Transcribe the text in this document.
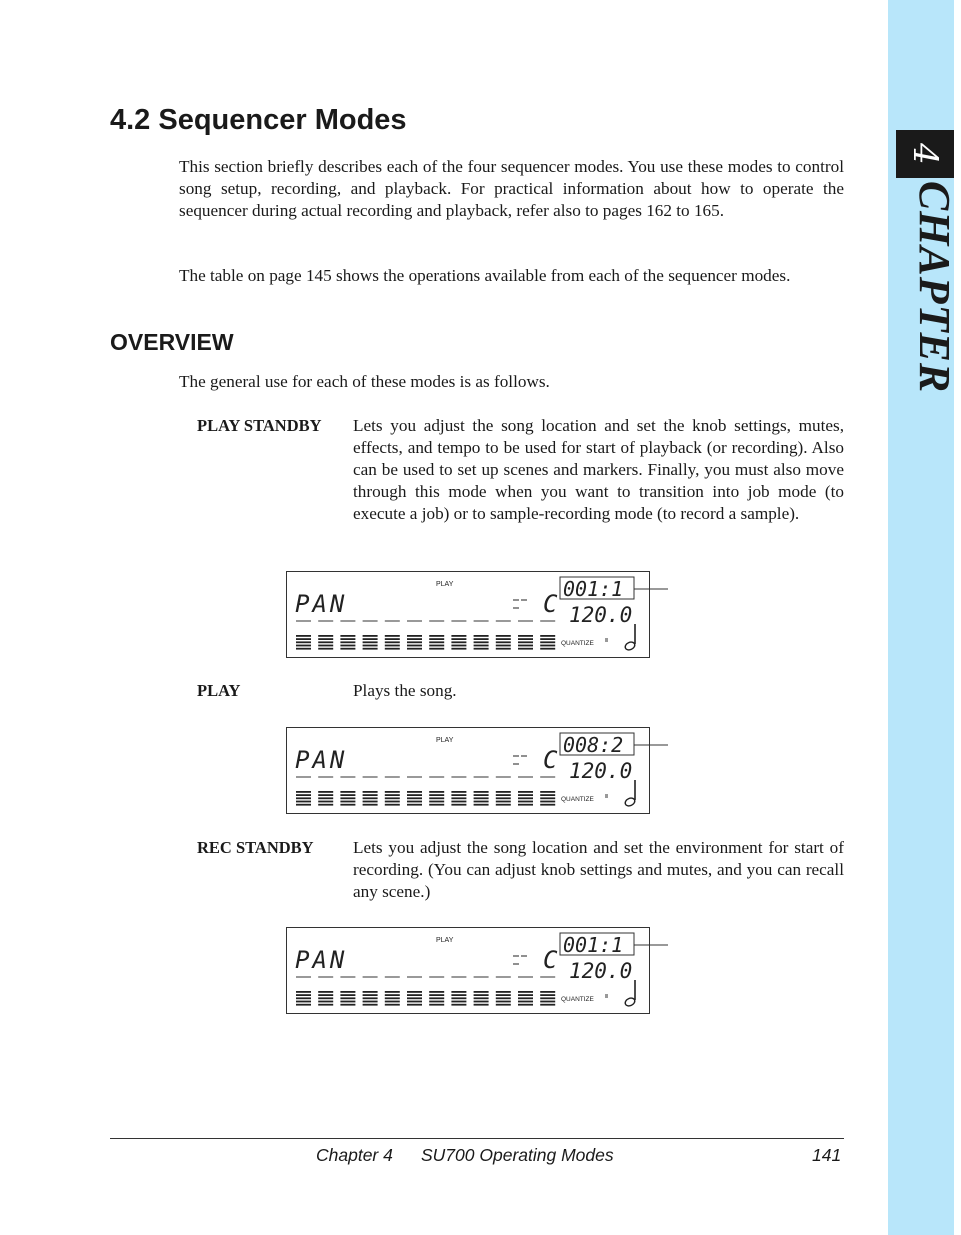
4
CHAPTER
4.2 Sequencer Modes

This section briefly describes each of the four sequencer modes. You use these modes to control song setup, recording, and playback. For practical information about how to operate the sequencer during actual recording and playback, refer also to pages 162 to 165.

The table on page 145 shows the operations available from each of the sequencer modes.

OVERVIEW

The general use for each of these modes is as follows.

PLAY STANDBY Lets you adjust the song location and set the knob settings, mutes, effects, and tempo to be used for start of playback (or recording). Also can be used to set up scenes and markers. Finally, you must also move through this mode when you want to transition into job mode (to execute a job) or to sample-recording mode (to record a sample).

PLAY
PAN	C
001:1
120.0
QUANTIZE
PLAY	Plays the song.

PLAY
PAN	C
008:2
120.0
QUANTIZE
REC STANDBY Lets you adjust the song location and set the environment for start of recording. (You can adjust knob settings and mutes, and you can recall any scene.)

PLAY
PAN	C
001:1
120.0
QUANTIZE
Chapter 4 SU700 Operating Modes	141
